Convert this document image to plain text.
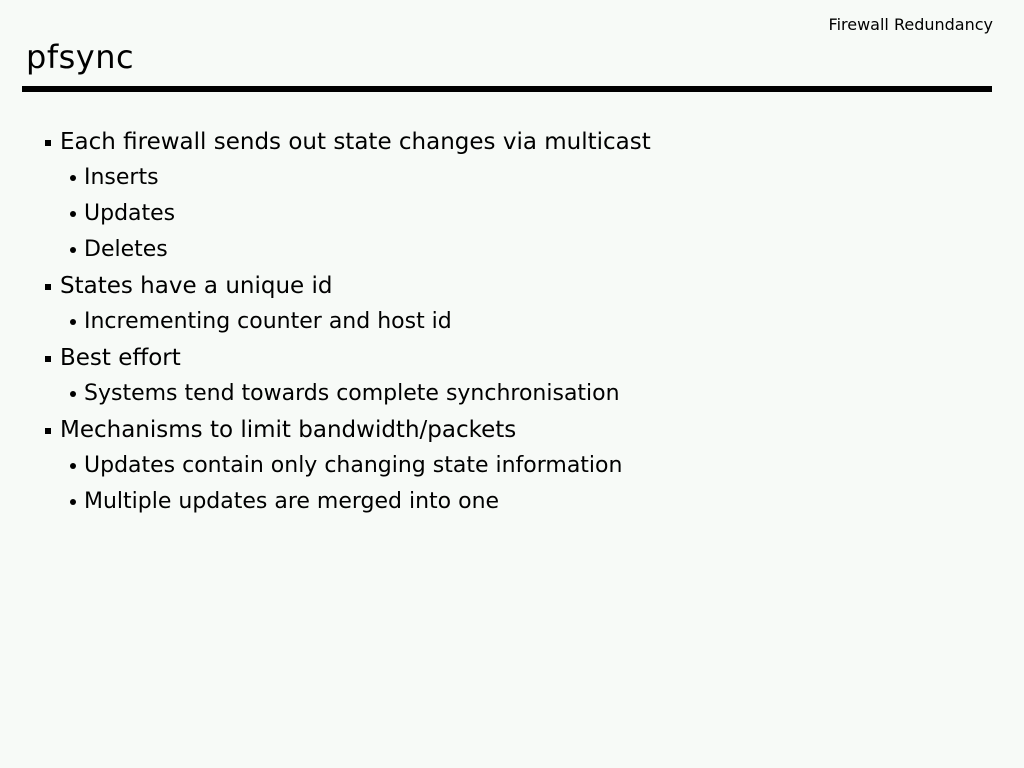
Firewall Redundancy
pfsync
Each firewall sends out state changes via multicast
Inserts
Updates
Deletes
States have a unique id
Incrementing counter and host id
Best effort
Systems tend towards complete synchronisation
Mechanisms to limit bandwidth/packets
Updates contain only changing state information
Multiple updates are merged into one
